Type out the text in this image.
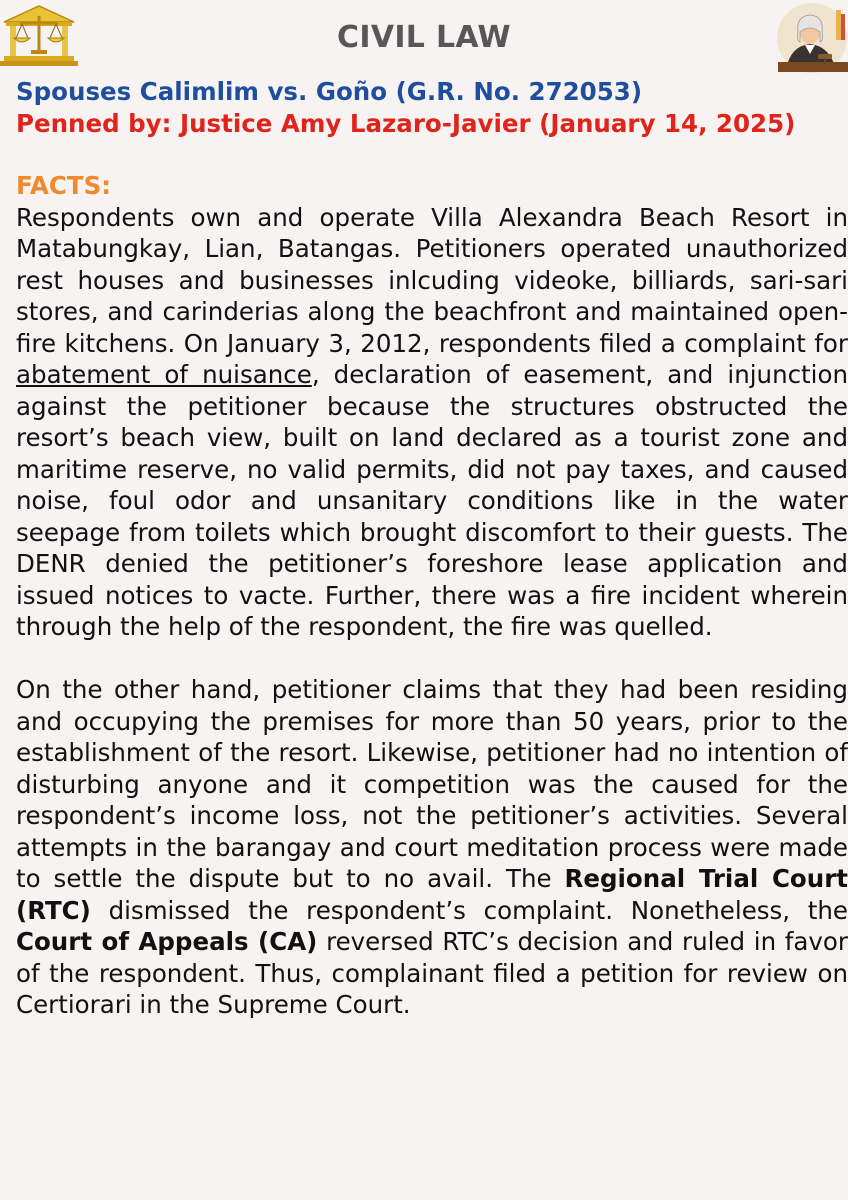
CIVIL LAW

Spouses Calimlim vs. Goño (G.R. No. 272053)

Penned by: Justice Amy Lazaro-Javier (January 14, 2025)

FACTS:

Respondents own and operate Villa Alexandra Beach Resort in Matabungkay, Lian, Batangas. Petitioners operated unauthorized rest houses and businesses inlcuding videoke, billiards, sari-sari stores, and carinderias along the beachfront and maintained open-fire kitchens. On January 3, 2012, respondents filed a complaint for abatement of nuisance, declaration of easement, and injunction against the petitioner because the structures obstructed the resort’s beach view, built on land declared as a tourist zone and maritime reserve, no valid permits, did not pay taxes, and caused noise, foul odor and unsanitary conditions like in the water seepage from toilets which brought discomfort to their guests. The DENR denied the petitioner’s foreshore lease application and issued notices to vacte. Further, there was a fire incident wherein through the help of the respondent, the fire was quelled.

On the other hand, petitioner claims that they had been residing and occupying the premises for more than 50 years, prior to the establishment of the resort. Likewise, petitioner had no intention of disturbing anyone and it competition was the caused for the respondent’s income loss, not the petitioner’s activities. Several attempts in the barangay and court meditation process were made to settle the dispute but to no avail. The Regional Trial Court (RTC) dismissed the respondent’s complaint. Nonetheless, the Court of Appeals (CA) reversed RTC’s decision and ruled in favor of the respondent. Thus, complainant filed a petition for review on Certiorari in the Supreme Court.
